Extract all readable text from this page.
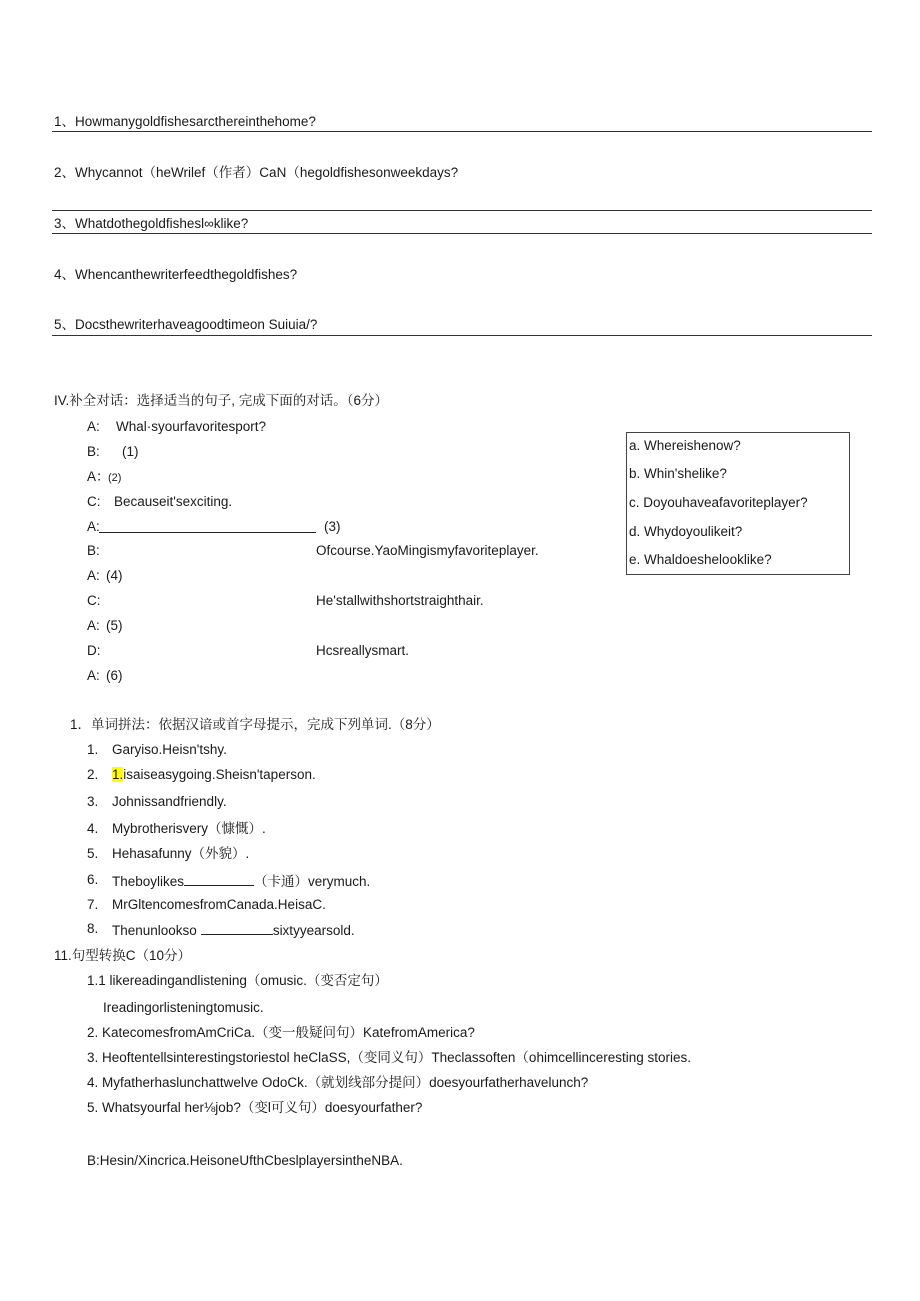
1、Howmanygoldfishesarcthereinthehome?
2、Whycannot（heWrilef（作者）CaN（hegoldfishesonweekdays?
3、Whatdothegoldfishesl∞klike?
4、Whencanthewriterfeedthegoldfishes?
5、Docsthewriterhaveagoodtimeon Suiuia/?
IV.补全对话：选择适当的句子, 完成下面的对话。（6分）
A: Whal·syourfavoritesport?
B: (1)
A：
(2)
C: Becauseit'sexciting.
A:	(3)
B:	Ofcourse.YaoMingismyfavoriteplayer.
A: (4)
C:	He'stallwithshortstraighthair.
A: (5)
D:	Hcsreallysmart.
A: (6)
a. Whereishenow?
b. Whin'shelike?
c. Doyouhaveafavoriteplayer?
d. Whydoyoulikeit?
e. Whaldoeshelooklike?
1．单词拼法：依据汉谙或首字母提示，完成下列单词.（8分）
1. Garyiso.Heisn'tshy.
2. 1.isaiseasygoing.Sheisn'taperson.
3. Johnissandfriendly.
4. Mybrotherisvery（慷慨）.
5. Hehasafunny（外貌）.
6. Theboylikes	（卡通）verymuch.
7. MrGltencomesfromCanada.HeisaC.
8. Thenunlookso	sixtyyearsold.
11.句型转换C（10分）
1.1 likereadingandlistening（omusic.（变否定句）
Ireadingorlisteningtomusic.
2. KatecomesfromAmCriCa.（变一般疑问句）KatefromAmerica?
3. Heoftentellsinterestingstoriestol heClaSS,（变同义句）Theclassoften（ohimcellinceresting stories.
4. Myfatherhaslunchattwelve OdoCk.（就划线部分提问）doesyourfatherhavelunch?
5. Whatsyourfal her⅛job?（变l可义句）doesyourfather?
B:Hesin/Xincrica.HeisoneUfthCbeslplayersintheNBA.
